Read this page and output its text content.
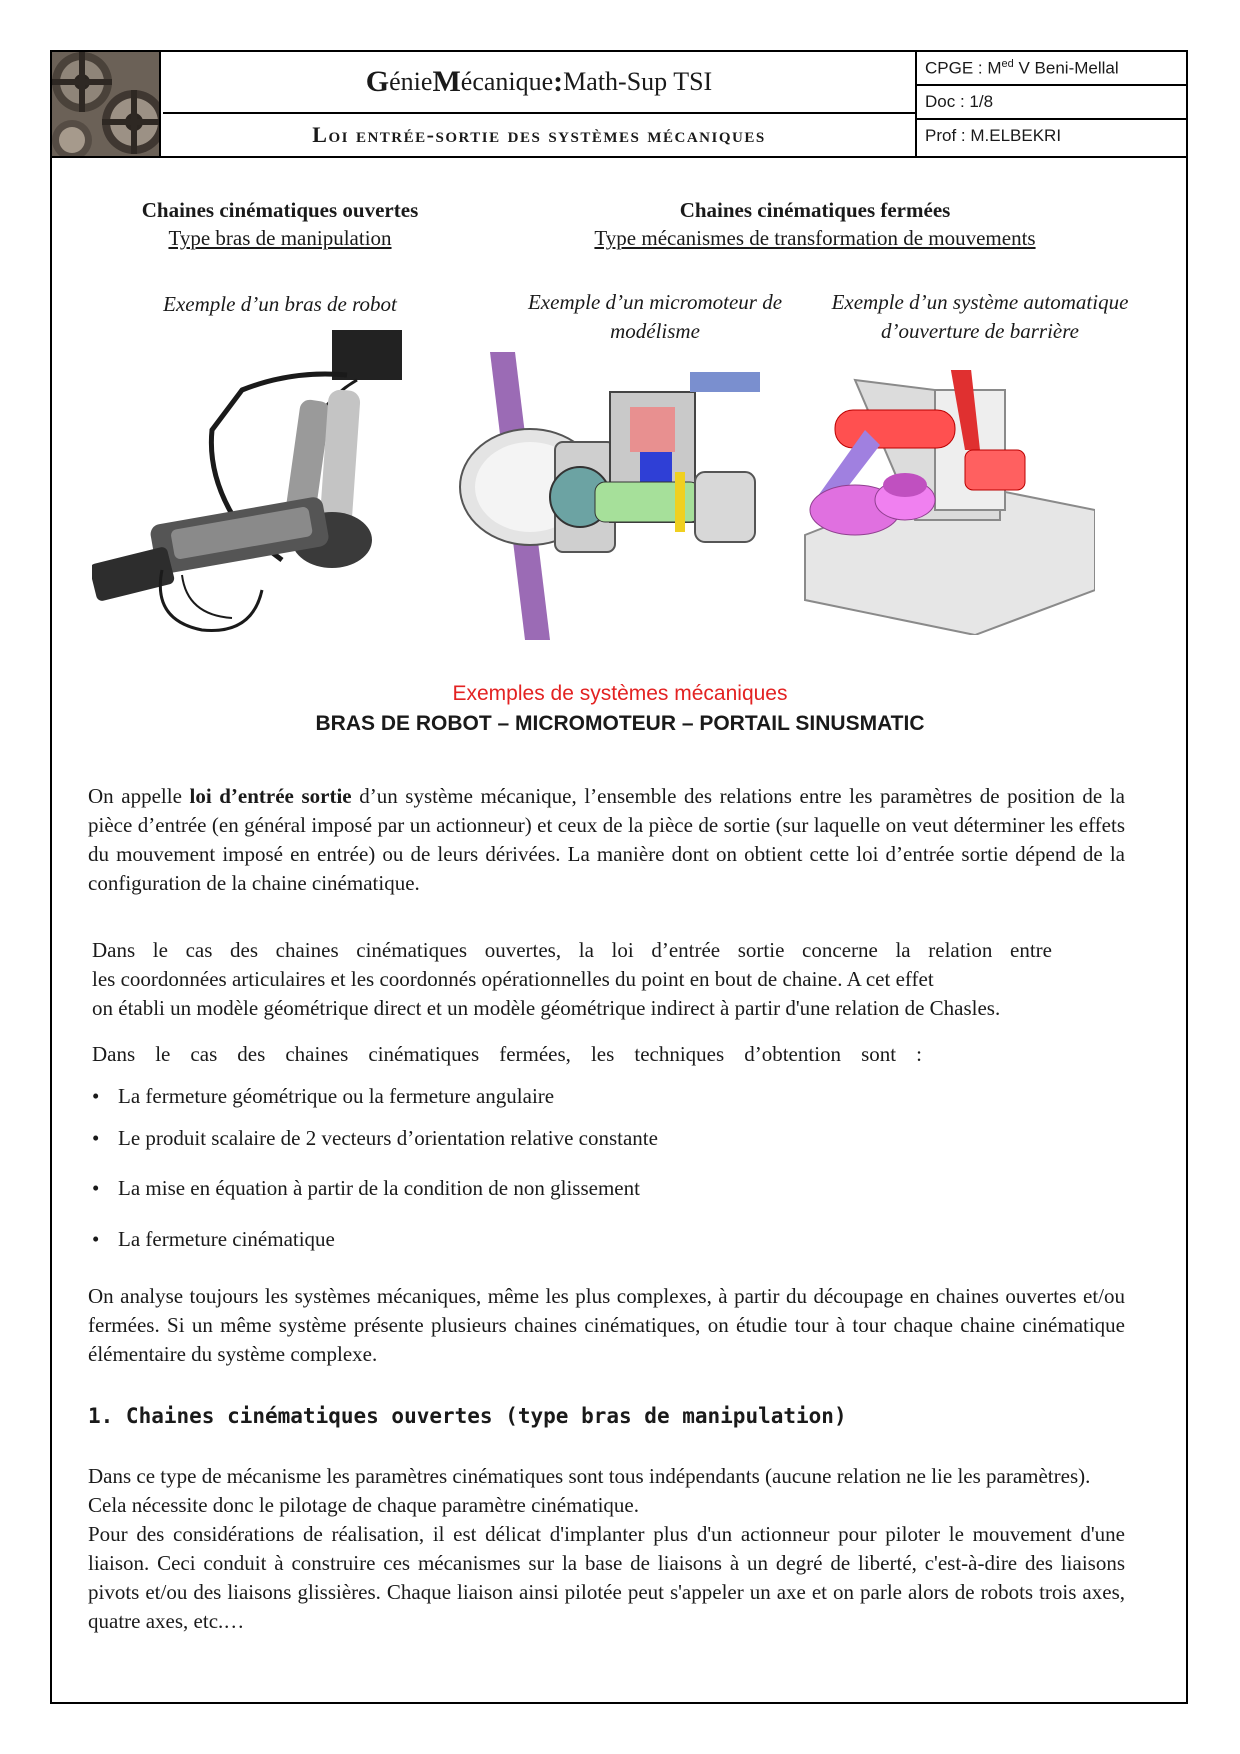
G énie M écanique : Math-Sup TSI
Loi entrée-sortie des systèmes mécaniques
CPGE : $M^{ed}$ V Beni-Mellal
Doc : 1/8
Prof : M.ELBEKRI
Chaines cinématiques ouvertes
Type bras de manipulation
Chaines cinématiques fermées
Type mécanismes de transformation de mouvements
Exemple d’un bras de robot	Exemple d’un micromoteur de modélisme
Exemple d’un système automatique d’ouverture de barrière
Exemples de systèmes mécaniques
BRAS DE ROBOT – MICROMOTEUR – PORTAIL SINUSMATIC

On appelle loi d’entrée sortie d’un système mécanique, l’ensemble des relations entre les paramètres de position de la pièce d’entrée (en général imposé par un actionneur) et ceux de la pièce de sortie (sur laquelle on veut déterminer les effets du mouvement imposé en entrée) ou de leurs dérivées. La manière dont on obtient cette loi d’entrée sortie dépend de la configuration de la chaine cinématique.

Dans le cas des chaines cinématiques ouvertes, la loi d’entrée sortie concerne la relation entre

les coordonnées articulaires et les coordonnés opérationnelles du point en bout de chaine. A cet effet

on établi un modèle géométrique direct et un modèle géométrique indirect à partir d'une relation de Chasles.

Dans le cas des chaines cinématiques fermées, les techniques d’obtention sont :

• La fermeture géométrique ou la fermeture angulaire
• Le produit scalaire de 2 vecteurs d’orientation relative constante
• La mise en équation à partir de la condition de non glissement
• La fermeture cinématique

On analyse toujours les systèmes mécaniques, même les plus complexes, à partir du découpage en chaines ouvertes et/ou fermées. Si un même système présente plusieurs chaines cinématiques, on étudie tour à tour chaque chaine cinématique élémentaire du système complexe.

1. Chaines cinématiques ouvertes (type bras de manipulation)

Dans ce type de mécanisme les paramètres cinématiques sont tous indépendants (aucune relation ne lie les paramètres). Cela nécessite donc le pilotage de chaque paramètre cinématique.

Pour des considérations de réalisation, il est délicat d'implanter plus d'un actionneur pour piloter le mouvement d'une liaison. Ceci conduit à construire ces mécanismes sur la base de liaisons à un degré de liberté, c'est-à-dire des liaisons pivots et/ou des liaisons glissières. Chaque liaison ainsi pilotée peut s'appeler un axe et on parle alors de robots trois axes, quatre axes, etc.…
